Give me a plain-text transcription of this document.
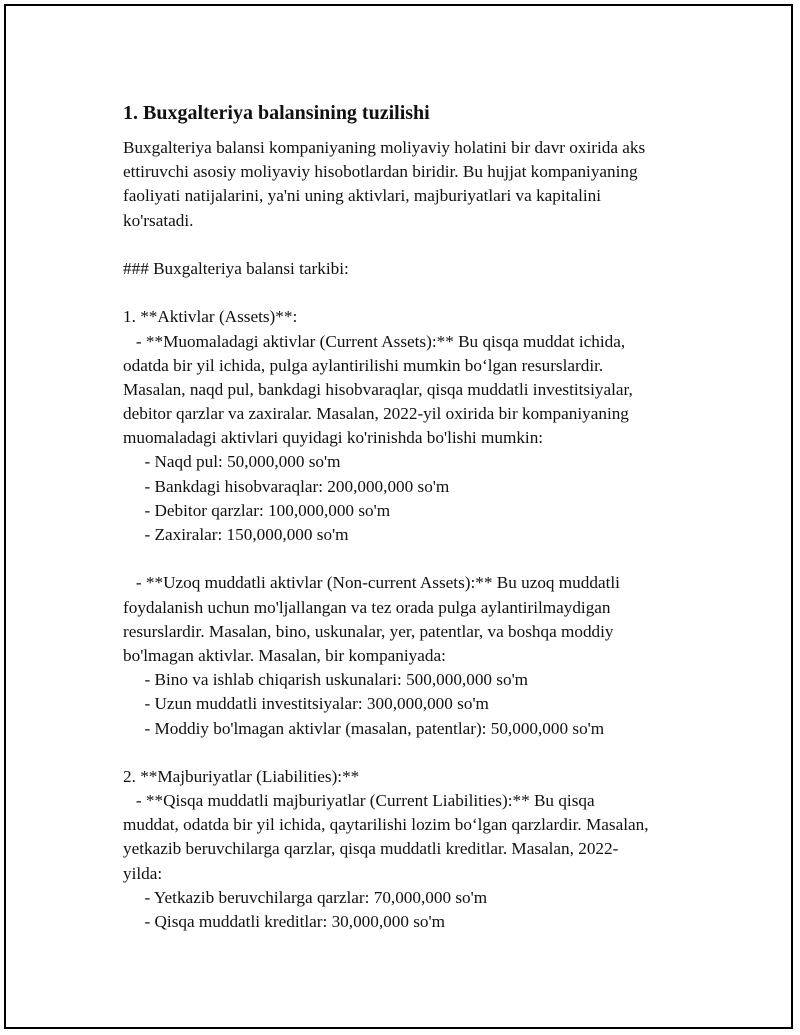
1. Buxgalteriya balansining tuzilishi

Buxgalteriya balansi kompaniyaning moliyaviy holatini bir davr oxirida aks

ettiruvchi asosiy moliyaviy hisobotlardan biridir. Bu hujjat kompaniyaning

faoliyati natijalarini, ya'ni uning aktivlari, majburiyatlari va kapitalini

ko'rsatadi.

### Buxgalteriya balansi tarkibi:

1. **Aktivlar (Assets)**:

- **Muomaladagi aktivlar (Current Assets):** Bu qisqa muddat ichida,

odatda bir yil ichida, pulga aylantirilishi mumkin bo‘lgan resurslardir.

Masalan, naqd pul, bankdagi hisobvaraqlar, qisqa muddatli investitsiyalar,

debitor qarzlar va zaxiralar. Masalan, 2022-yil oxirida bir kompaniyaning

muomaladagi aktivlari quyidagi ko'rinishda bo'lishi mumkin:

- Naqd pul: 50,000,000 so'm

- Bankdagi hisobvaraqlar: 200,000,000 so'm

- Debitor qarzlar: 100,000,000 so'm

- Zaxiralar: 150,000,000 so'm

- **Uzoq muddatli aktivlar (Non-current Assets):** Bu uzoq muddatli

foydalanish uchun mo'ljallangan va tez orada pulga aylantirilmaydigan

resurslardir. Masalan, bino, uskunalar, yer, patentlar, va boshqa moddiy

bo'lmagan aktivlar. Masalan, bir kompaniyada:

- Bino va ishlab chiqarish uskunalari: 500,000,000 so'm

- Uzun muddatli investitsiyalar: 300,000,000 so'm

- Moddiy bo'lmagan aktivlar (masalan, patentlar): 50,000,000 so'm

2. **Majburiyatlar (Liabilities):**

- **Qisqa muddatli majburiyatlar (Current Liabilities):** Bu qisqa

muddat, odatda bir yil ichida, qaytarilishi lozim bo‘lgan qarzlardir. Masalan,

yetkazib beruvchilarga qarzlar, qisqa muddatli kreditlar. Masalan, 2022-

yilda:

- Yetkazib beruvchilarga qarzlar: 70,000,000 so'm

- Qisqa muddatli kreditlar: 30,000,000 so'm
